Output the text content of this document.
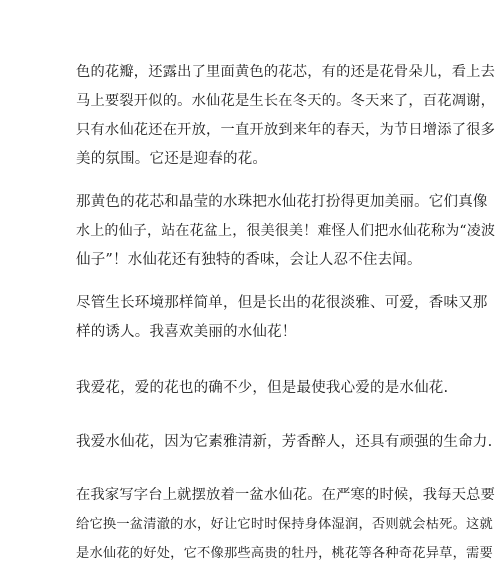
色的花瓣，还露出了里面黄色的花芯，有的还是花骨朵儿，看上去
马上要裂开似的。水仙花是生长在冬天的。冬天来了，百花凋谢，
只有水仙花还在开放，一直开放到来年的春天，为节日增添了很多
美的氛围。它还是迎春的花。
那黄色的花芯和晶莹的水珠把水仙花打扮得更加美丽。它们真像
水上的仙子，站在花盆上，很美很美！难怪人们把水仙花称为“凌波
仙子”！水仙花还有独特的香味，会让人忍不住去闻。
尽管生长环境那样简单，但是长出的花很淡雅、可爱，香味又那
样的诱人。我喜欢美丽的水仙花！
我爱花，爱的花也的确不少，但是最使我心爱的是水仙花.
我爱水仙花，因为它素雅清新，芳香醉人，还具有顽强的生命力.
在我家写字台上就摆放着一盆水仙花。在严寒的时候，我每天总要
给它换一盆清澈的水，好让它时时保持身体湿润，否则就会枯死。这就
是水仙花的好处，它不像那些高贵的牡丹，桃花等各种奇花异草，需要
